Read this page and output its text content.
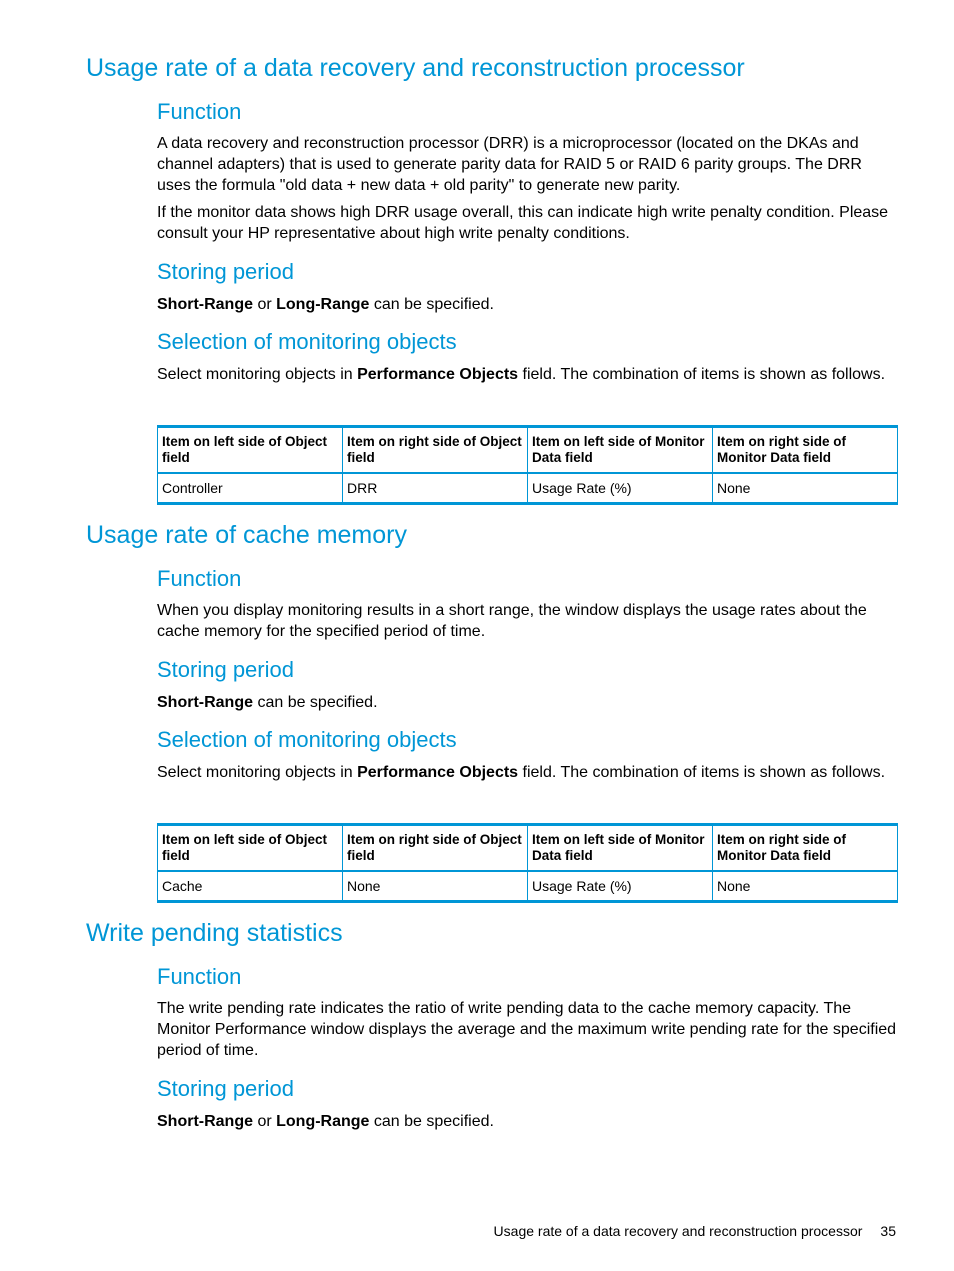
Usage rate of a data recovery and reconstruction processor
Function

A data recovery and reconstruction processor (DRR) is a microprocessor (located on the DKAs and channel adapters) that is used to generate parity data for RAID 5 or RAID 6 parity groups. The DRR uses the formula "old data + new data + old parity" to generate new parity.

If the monitor data shows high DRR usage overall, this can indicate high write penalty condition. Please consult your HP representative about high write penalty conditions.

Storing period

Short-Range or Long-Range can be specified.

Selection of monitoring objects

Select monitoring objects in Performance Objects field. The combination of items is shown as follows.

Item on left side of Object field	Item on right side of Object field	Item on left side of Monitor Data field	Item on right side of Monitor Data field
Controller	DRR	Usage Rate (%)	None
Usage rate of cache memory
Function

When you display monitoring results in a short range, the window displays the usage rates about the cache memory for the specified period of time.

Storing period

Short-Range can be specified.

Selection of monitoring objects

Select monitoring objects in Performance Objects field. The combination of items is shown as follows.

Item on left side of Object field	Item on right side of Object field	Item on left side of Monitor Data field	Item on right side of Monitor Data field
Cache	None	Usage Rate (%)	None
Write pending statistics
Function

The write pending rate indicates the ratio of write pending data to the cache memory capacity. The Monitor Performance window displays the average and the maximum write pending rate for the specified period of time.

Storing period

Short-Range or Long-Range can be specified.

Usage rate of a data recovery and reconstruction processor 35
